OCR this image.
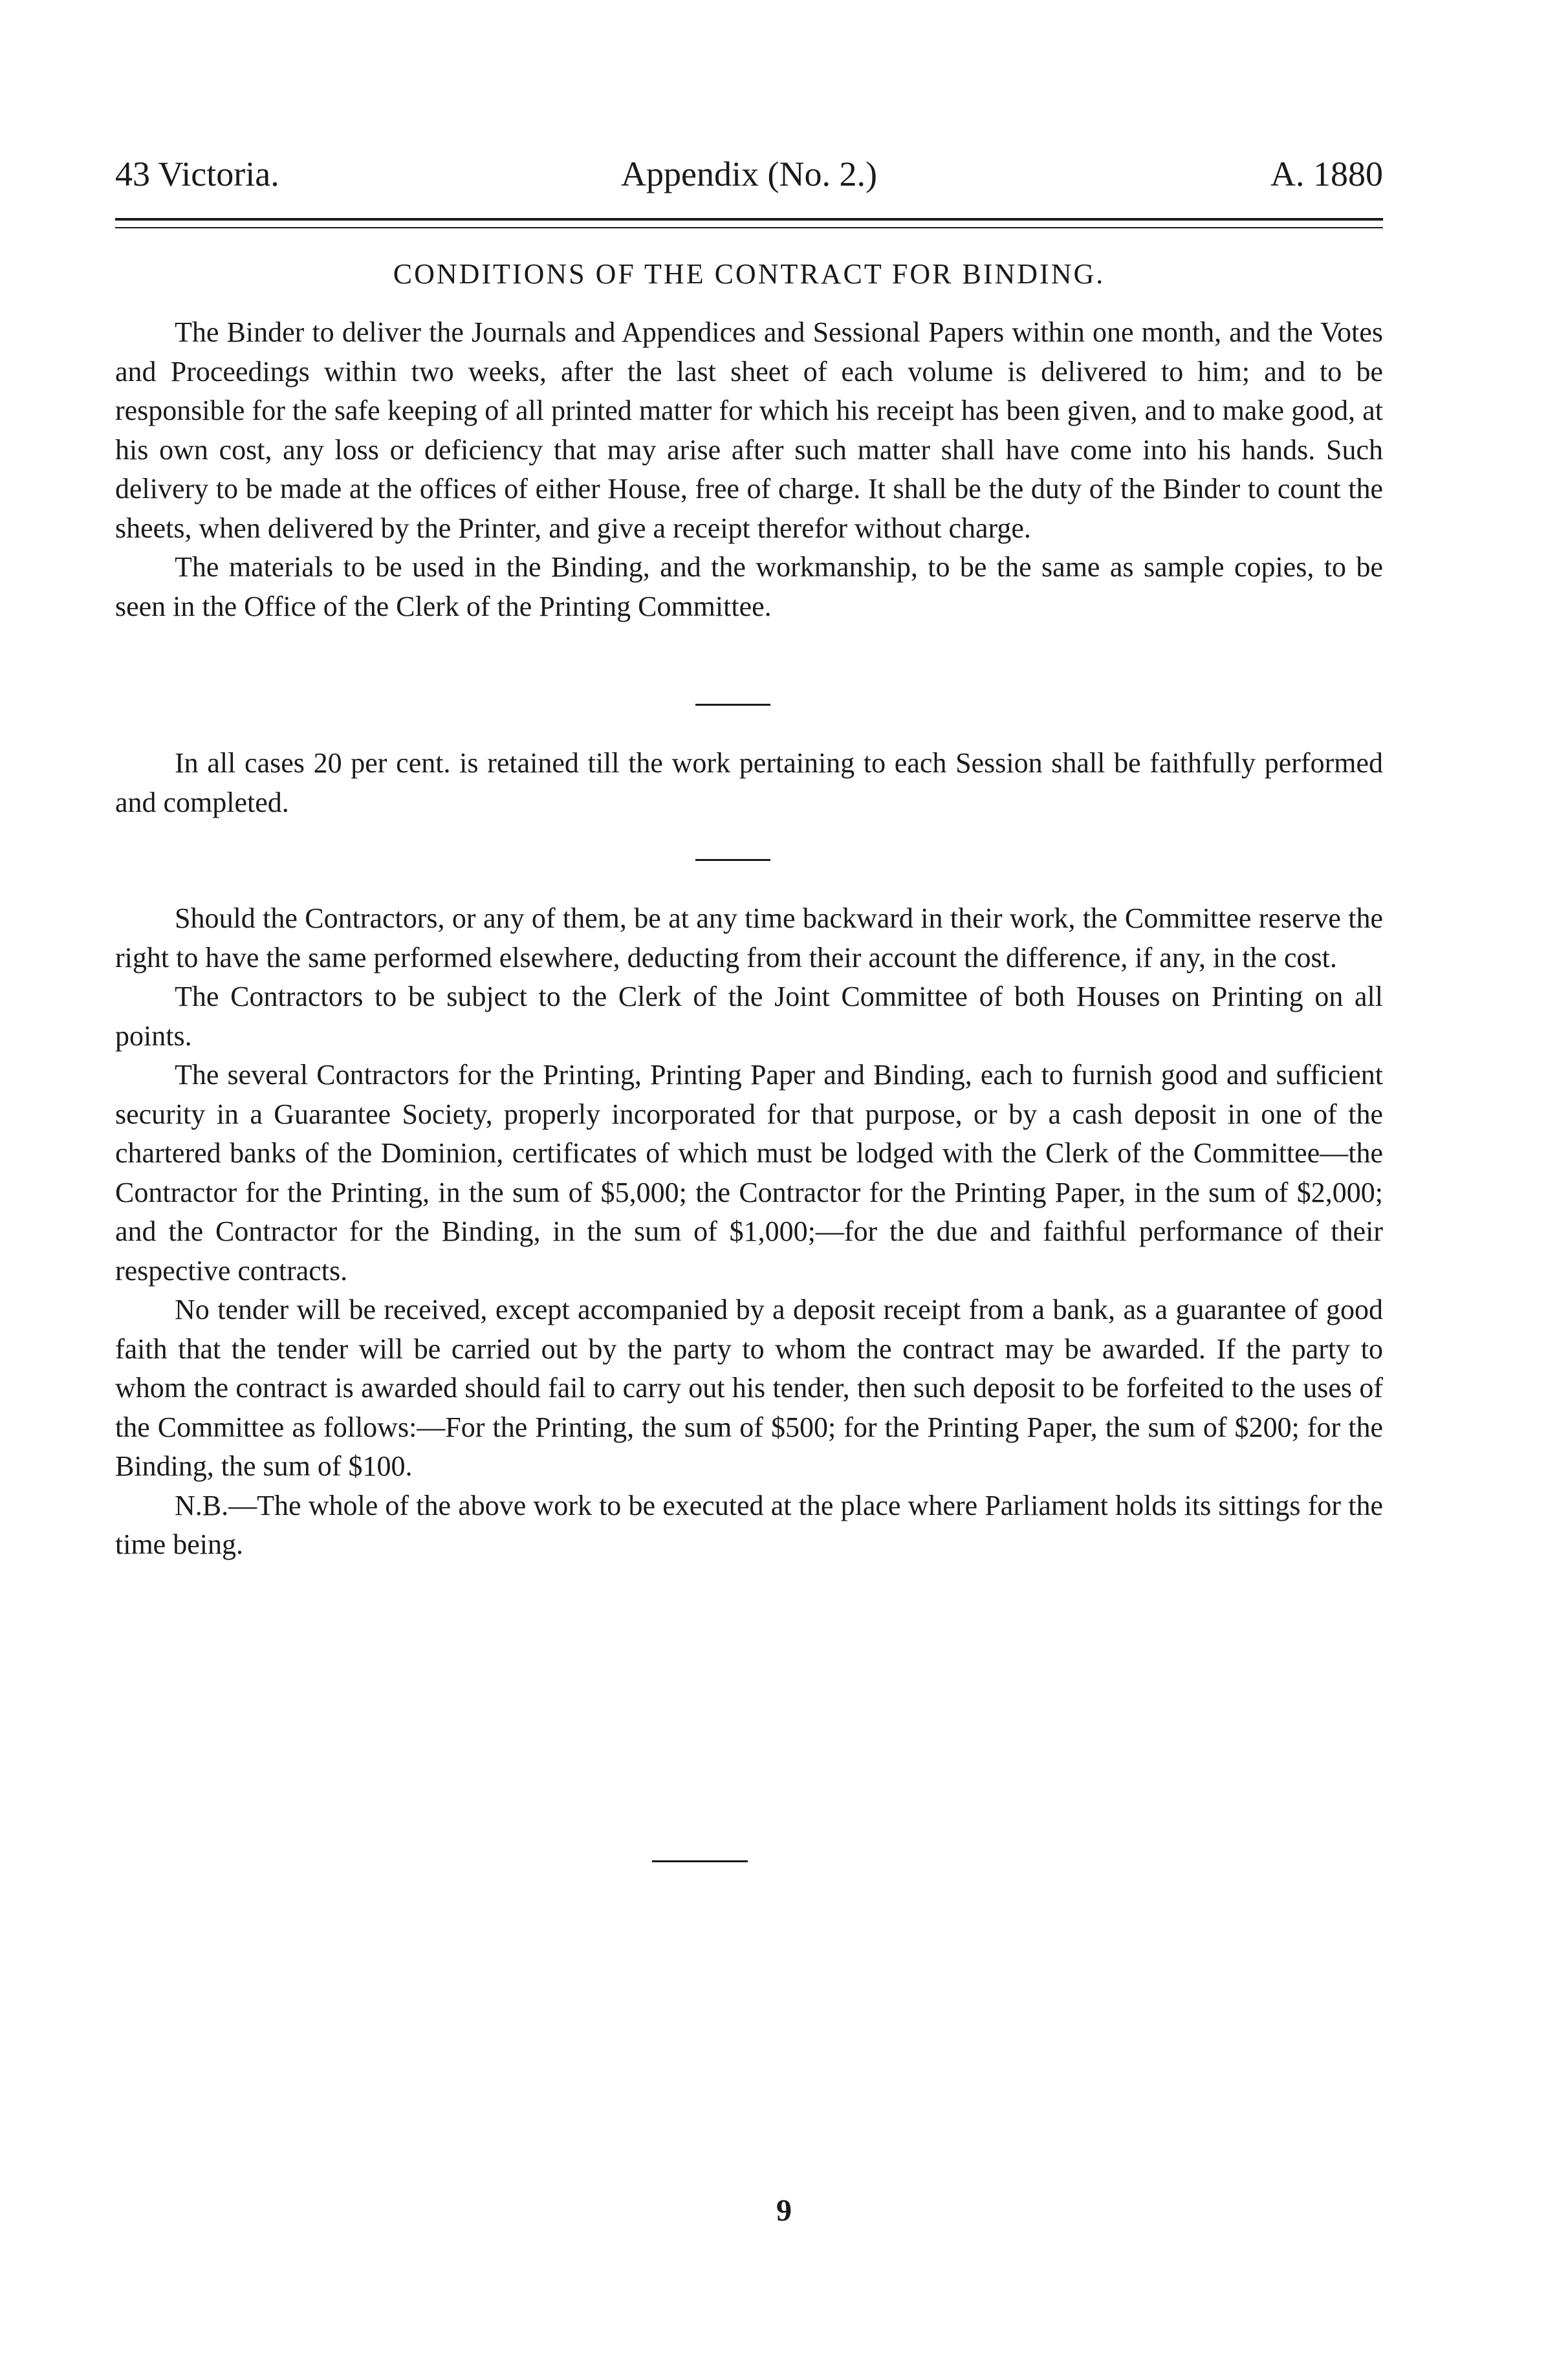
43 Victoria.	Appendix (No. 2.)	A. 1880
CONDITIONS OF THE CONTRACT FOR BINDING.

The Binder to deliver the Journals and Appendices and Sessional Papers within one month, and the Votes and Proceedings within two weeks, after the last sheet of each volume is delivered to him; and to be responsible for the safe keeping of all printed matter for which his receipt has been given, and to make good, at his own cost, any loss or deficiency that may arise after such matter shall have come into his hands. Such delivery to be made at the offices of either House, free of charge. It shall be the duty of the Binder to count the sheets, when delivered by the Printer, and give a receipt therefor without charge.

The materials to be used in the Binding, and the workmanship, to be the same as sample copies, to be seen in the Office of the Clerk of the Printing Committee.

In all cases 20 per cent. is retained till the work pertaining to each Session shall be faithfully performed and completed.

Should the Contractors, or any of them, be at any time backward in their work, the Committee reserve the right to have the same performed elsewhere, deducting from their account the difference, if any, in the cost.

The Contractors to be subject to the Clerk of the Joint Committee of both Houses on Printing on all points.

The several Contractors for the Printing, Printing Paper and Binding, each to furnish good and sufficient security in a Guarantee Society, properly incorporated for that purpose, or by a cash deposit in one of the chartered banks of the Dominion, certificates of which must be lodged with the Clerk of the Committee—the Contractor for the Printing, in the sum of $5,000; the Contractor for the Printing Paper, in the sum of $2,000; and the Contractor for the Binding, in the sum of $1,000;—for the due and faithful performance of their respective contracts.

No tender will be received, except accompanied by a deposit receipt from a bank, as a guarantee of good faith that the tender will be carried out by the party to whom the contract may be awarded. If the party to whom the contract is awarded should fail to carry out his tender, then such deposit to be forfeited to the uses of the Committee as follows:—For the Printing, the sum of $500; for the Printing Paper, the sum of $200; for the Binding, the sum of $100.

N.B.—The whole of the above work to be executed at the place where Parliament holds its sittings for the time being.

9
